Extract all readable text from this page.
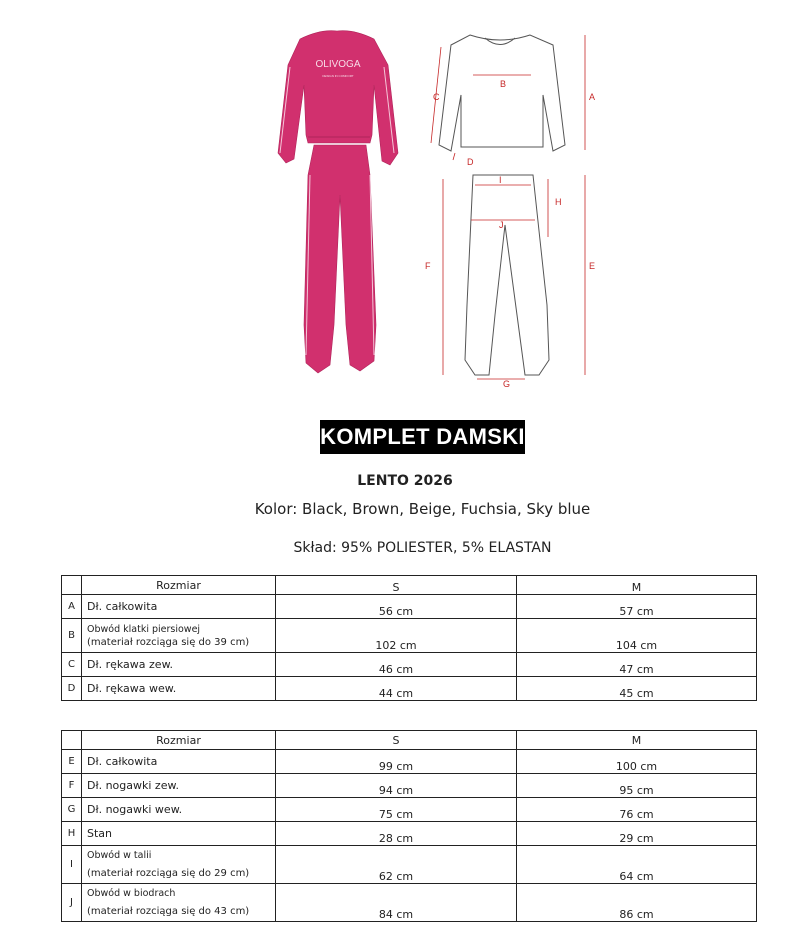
OLIVOGA
DESIGN IN COMFORT
B
A
C
D
I
J
H
F	E
G
KOMPLET DAMSKI
LENTO 2026
Kolor: Black, Brown, Beige, Fuchsia, Sky blue
Skład: 95% POLIESTER, 5% ELASTAN
	Rozmiar	S	M
A	Dł. całkowita	56 cm	57 cm
B	Obwód klatki piersiowej
(materiał rozciąga się do 39 cm)	102 cm	104 cm
C	Dł. rękawa zew.	46 cm	47 cm
D	Dł. rękawa wew.	44 cm	45 cm
	Rozmiar	S	M
E	Dł. całkowita	99 cm	100 cm
F	Dł. nogawki zew.	94 cm	95 cm
G	Dł. nogawki wew.	75 cm	76 cm
H	Stan	28 cm	29 cm
I	Obwód w talii
(materiał rozciąga się do 29 cm)	62 cm	64 cm
J	Obwód w biodrach
(materiał rozciąga się do 43 cm)	84 cm	86 cm
